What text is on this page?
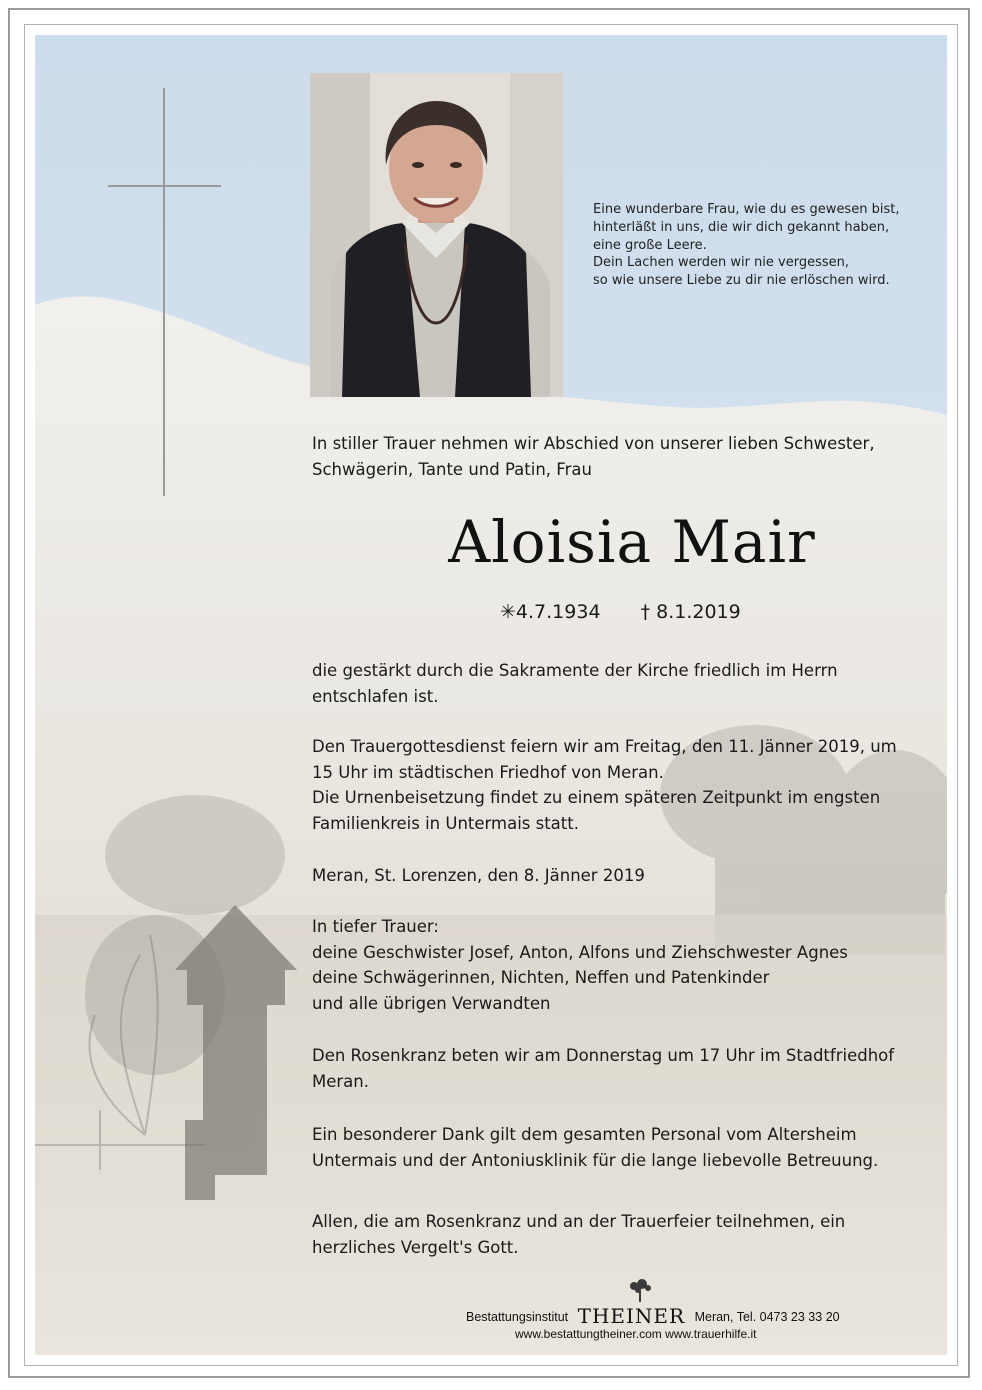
Eine wunderbare Frau, wie du es gewesen bist,
hinterläßt in uns, die wir dich gekannt haben,
eine große Leere.
Dein Lachen werden wir nie vergessen,
so wie unsere Liebe zu dir nie erlöschen wird.
In stiller Trauer nehmen wir Abschied von unserer lieben Schwester,
Schwägerin, Tante und Patin, Frau
Aloisia Mair
✳4.7.1934 † 8.1.2019
die gestärkt durch die Sakramente der Kirche friedlich im Herrn
entschlafen ist.
Den Trauergottesdienst feiern wir am Freitag, den 11. Jänner 2019, um
15 Uhr im städtischen Friedhof von Meran.
Die Urnenbeisetzung findet zu einem späteren Zeitpunkt im engsten
Familienkreis in Untermais statt.
Meran, St. Lorenzen, den 8. Jänner 2019
In tiefer Trauer:
deine Geschwister Josef, Anton, Alfons und Ziehschwester Agnes
deine Schwägerinnen, Nichten, Neffen und Patenkinder
und alle übrigen Verwandten
Den Rosenkranz beten wir am Donnerstag um 17 Uhr im Stadtfriedhof
Meran.
Ein besonderer Dank gilt dem gesamten Personal vom Altersheim
Untermais und der Antoniusklinik für die lange liebevolle Betreuung.
Allen, die am Rosenkranz und an der Trauerfeier teilnehmen, ein
herzliches Vergelt's Gott.
Bestattungsinstitut THEINER Meran, Tel. 0473 23 33 20
www.bestattungtheiner.com www.trauerhilfe.it
